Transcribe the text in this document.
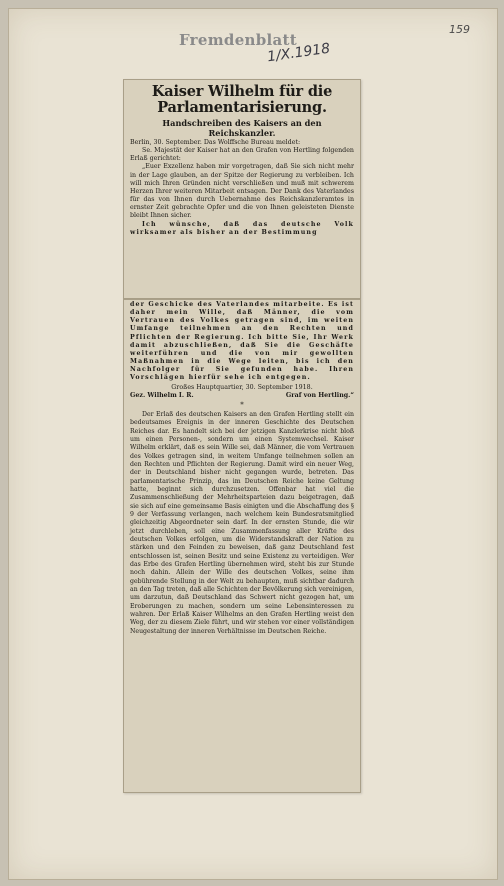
Fremdenblatt
1/X.1918
159
Kaiser Wilhelm für die Parlamentarisierung.
Handschreiben des Kaisers an den Reichskanzler.

Berlin, 30. September. Das Wolffsche Bureau meldet:

Se. Majestät der Kaiser hat an den Grafen von Hertling folgenden Erlaß gerichtet:

„Euer Exzellenz haben mir vorgetragen, daß Sie sich nicht mehr in der Lage glauben, an der Spitze der Regierung zu verbleiben. Ich will mich Ihren Gründen nicht verschließen und muß mit schwerem Herzen Ihrer weiteren Mitarbeit entsagen. Der Dank des Vaterlandes für das von Ihnen durch Uebernahme des Reichskanzleramtes in ernster Zeit gebrachte Opfer und die von Ihnen geleisteten Dienste bleibt Ihnen sicher.

Ich wünsche, daß das deutsche Volk wirksamer als bisher an der Bestimmung

der Geschicke des Vaterlandes mitarbeite. Es ist daher mein Wille, daß Männer, die vom Vertrauen des Volkes getragen sind, im weiten Umfange teilnehmen an den Rechten und Pflichten der Regierung. Ich bitte Sie, Ihr Werk damit abzuschließen, daß Sie die Geschäfte weiterführen und die von mir gewollten Maßnahmen in die Wege leiten, bis ich den Nachfolger für Sie gefunden habe. Ihren Vorschlägen hierfür sehe ich entgegen.

Großes Hauptquartier, 30. September 1918.
Gez. Wilhelm I. R.	Graf von Hertling.“
*

Der Erlaß des deutschen Kaisers an den Grafen Hertling stellt ein bedeutsames Ereignis in der inneren Geschichte des Deutschen Reiches dar. Es handelt sich bei der jetzigen Kanzlerkrise nicht bloß um einen Personen-, sondern um einen Systemwechsel. Kaiser Wilhelm erklärt, daß es sein Wille sei, daß Männer, die vom Vertrauen des Volkes getragen sind, in weitem Umfange teilnehmen sollen an den Rechten und Pflichten der Regierung. Damit wird ein neuer Weg, der in Deutschland bisher nicht gegangen wurde, betreten. Das parlamentarische Prinzip, das im Deutschen Reiche keine Geltung hatte, beginnt sich durchzusetzen. Offenbar hat viel die Zusammenschließung der Mehrheitsparteien dazu beigetragen, daß sie sich auf eine gemeinsame Basis einigten und die Abschaffung des § 9 der Verfassung verlangen, nach welchem kein Bundesratsmitglied gleichzeitig Abgeordneter sein darf. In der ernsten Stunde, die wir jetzt durchleben, soll eine Zusammenfassung aller Kräfte des deutschen Volkes erfolgen, um die Widerstandskraft der Nation zu stärken und den Feinden zu beweisen, daß ganz Deutschland fest entschlossen ist, seinen Besitz und seine Existenz zu verteidigen. Wer das Erbe des Grafen Hertling übernehmen wird, steht bis zur Stunde noch dahin. Allein der Wille des deutschen Volkes, seine ihm gebührende Stellung in der Welt zu behaupten, muß sichtbar dadurch an den Tag treten, daß alle Schichten der Bevölkerung sich vereinigen, um darzutun, daß Deutschland das Schwert nicht gezogen hat, um Eroberungen zu machen, sondern um seine Lebensinteressen zu wahren. Der Erlaß Kaiser Wilhelms an den Grafen Hertling weist den Weg, der zu diesem Ziele führt, und wir stehen vor einer vollständigen Neugestaltung der inneren Verhältnisse im Deutschen Reiche.
